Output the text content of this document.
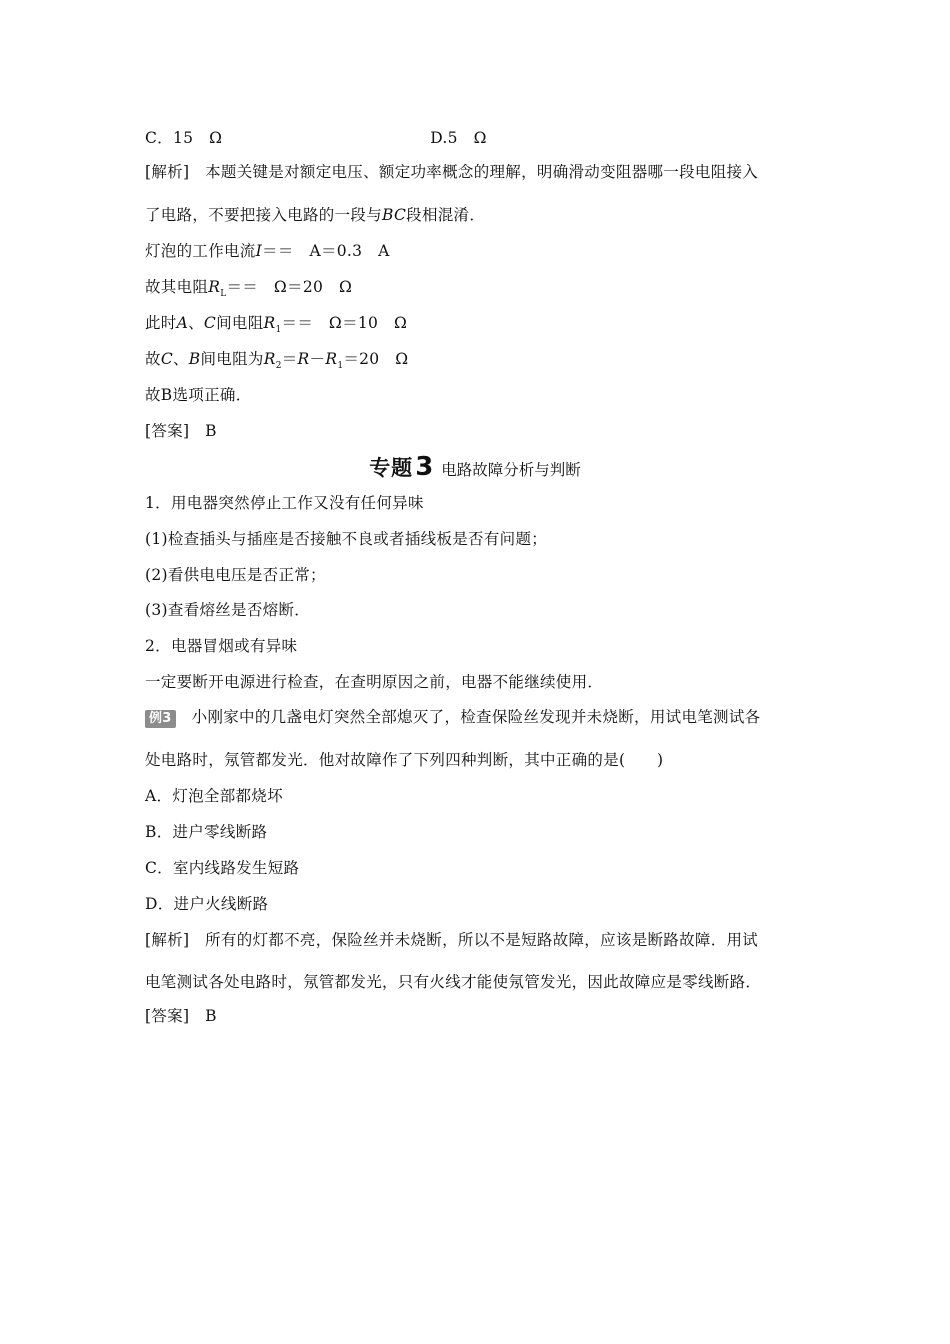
C．15　Ω	D.5　Ω
[解析]　 本题关键是对额定电压、额定功率概念的理解，明确滑动变阻器哪一段电阻接入
了电路，不要把接入电路的一段与BC段相混淆．
灯泡的工作电流I＝＝　A＝0.3　A
故其电阻$R_L==$　Ω＝20　Ω
此时A、C间电阻$R_1==$　Ω＝10　Ω
故C、B间电阻为$R_2=R-R_1=20$　Ω
故B选项正确．
[答案]　 B
专题3 电路故障分析与判断
1．用电器突然停止工作又没有任何异味
(1)检查插头与插座是否接触不良或者插线板是否有问题；
(2)看供电电压是否正常；
(3)查看熔丝是否熔断．
2．电器冒烟或有异味
一定要断开电源进行检查，在查明原因之前，电器不能继续使用．
例3 小刚家中的几盏电灯突然全部熄灭了，检查保险丝发现并未烧断，用试电笔测试各
处电路时，氖管都发光．他对故障作了下列四种判断，其中正确的是(　　)
A．灯泡全部都烧坏
B．进户零线断路
C．室内线路发生短路
D．进户火线断路
[解析]　 所有的灯都不亮，保险丝并未烧断，所以不是短路故障，应该是断路故障．用试
电笔测试各处电路时，氖管都发光，只有火线才能使氖管发光，因此故障应是零线断路．
[答案]　 B
